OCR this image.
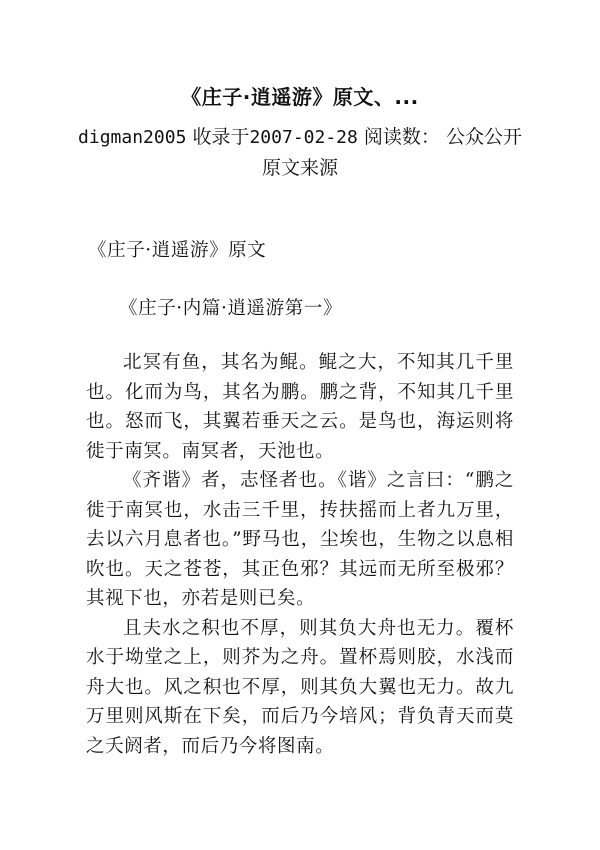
《庄子·逍遥游》原文、...
digman2005 收录于2007-02-28 阅读数： 公众公开 原文来源
《庄子·逍遥游》原文
《庄子·内篇·逍遥游第一》

北冥有鱼，其名为鲲。鲲之大，不知其几千里也。化而为鸟，其名为鹏。鹏之背，不知其几千里也。怒而飞，其翼若垂天之云。是鸟也，海运则将徙于南冥。南冥者，天池也。

《齐谐》者，志怪者也。《谐》之言曰：“鹏之徙于南冥也，水击三千里，抟扶摇而上者九万里，去以六月息者也。”野马也，尘埃也，生物之以息相吹也。天之苍苍，其正色邪？其远而无所至极邪？其视下也，亦若是则已矣。

且夫水之积也不厚，则其负大舟也无力。覆杯水于坳堂之上，则芥为之舟。置杯焉则胶，水浅而舟大也。风之积也不厚，则其负大翼也无力。故九万里则风斯在下矣，而后乃今培风；背负青天而莫之夭阏者，而后乃今将图南。
